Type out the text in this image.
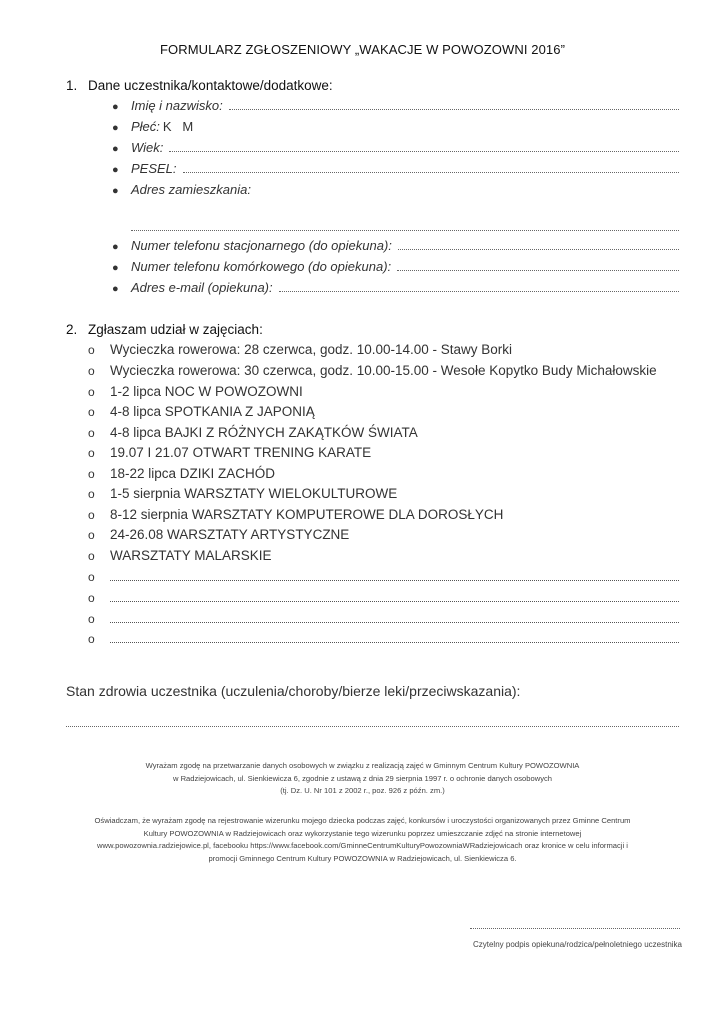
FORMULARZ ZGŁOSZENIOWY „WAKACJE W POWOZOWNI 2016”
1. Dane uczestnika/kontaktowe/dodatkowe:
● Imię i nazwisko:
● Płeć: K   M
● Wiek:
● PESEL:
● Adres zamieszkania:
● Numer telefonu stacjonarnego (do opiekuna):
● Numer telefonu komórkowego (do opiekuna):
● Adres e-mail (opiekuna):
2. Zgłaszam udział w zajęciach:
o	Wycieczka rowerowa: 28 czerwca, godz. 10.00-14.00 - Stawy Borki
o	Wycieczka rowerowa: 30 czerwca, godz. 10.00-15.00 - Wesołe Kopytko Budy Michałowskie
o	1-2 lipca NOC W POWOZOWNI
o	4-8 lipca SPOTKANIA Z JAPONIĄ
o	4-8 lipca BAJKI Z RÓŻNYCH ZAKĄTKÓW ŚWIATA
o	19.07 I 21.07 OTWART TRENING KARATE
o	18-22 lipca DZIKI ZACHÓD
o	1-5 sierpnia WARSZTATY WIELOKULTUROWE
o	8-12 sierpnia WARSZTATY KOMPUTEROWE DLA DOROSŁYCH
o	24-26.08 WARSZTATY ARTYSTYCZNE
o	WARSZTATY MALARSKIE
o
o
o
o
Stan zdrowia uczestnika (uczulenia/choroby/bierze leki/przeciwskazania):
Wyrażam zgodę na przetwarzanie danych osobowych w związku z realizacją zajęć w Gminnym Centrum Kultury POWOZOWNIA
w Radziejowicach, ul. Sienkiewicza 6, zgodnie z ustawą z dnia 29 sierpnia 1997 r. o ochronie danych osobowych
(tj. Dz. U. Nr 101 z 2002 r., poz. 926 z późn. zm.)
Oświadczam, że wyrażam zgodę na rejestrowanie wizerunku mojego dziecka podczas zajęć, konkursów i uroczystości organizowanych przez Gminne Centrum
Kultury POWOZOWNIA w Radziejowicach oraz wykorzystanie tego wizerunku poprzez umieszczanie zdjęć na stronie internetowej
www.powozownia.radziejowice.pl, facebooku https://www.facebook.com/GminneCentrumKulturyPowozowniaWRadziejowicach oraz kronice w celu informacji i
promocji Gminnego Centrum Kultury POWOZOWNIA w Radziejowicach, ul. Sienkiewicza 6.
Czytelny podpis opiekuna/rodzica/pełnoletniego uczestnika
